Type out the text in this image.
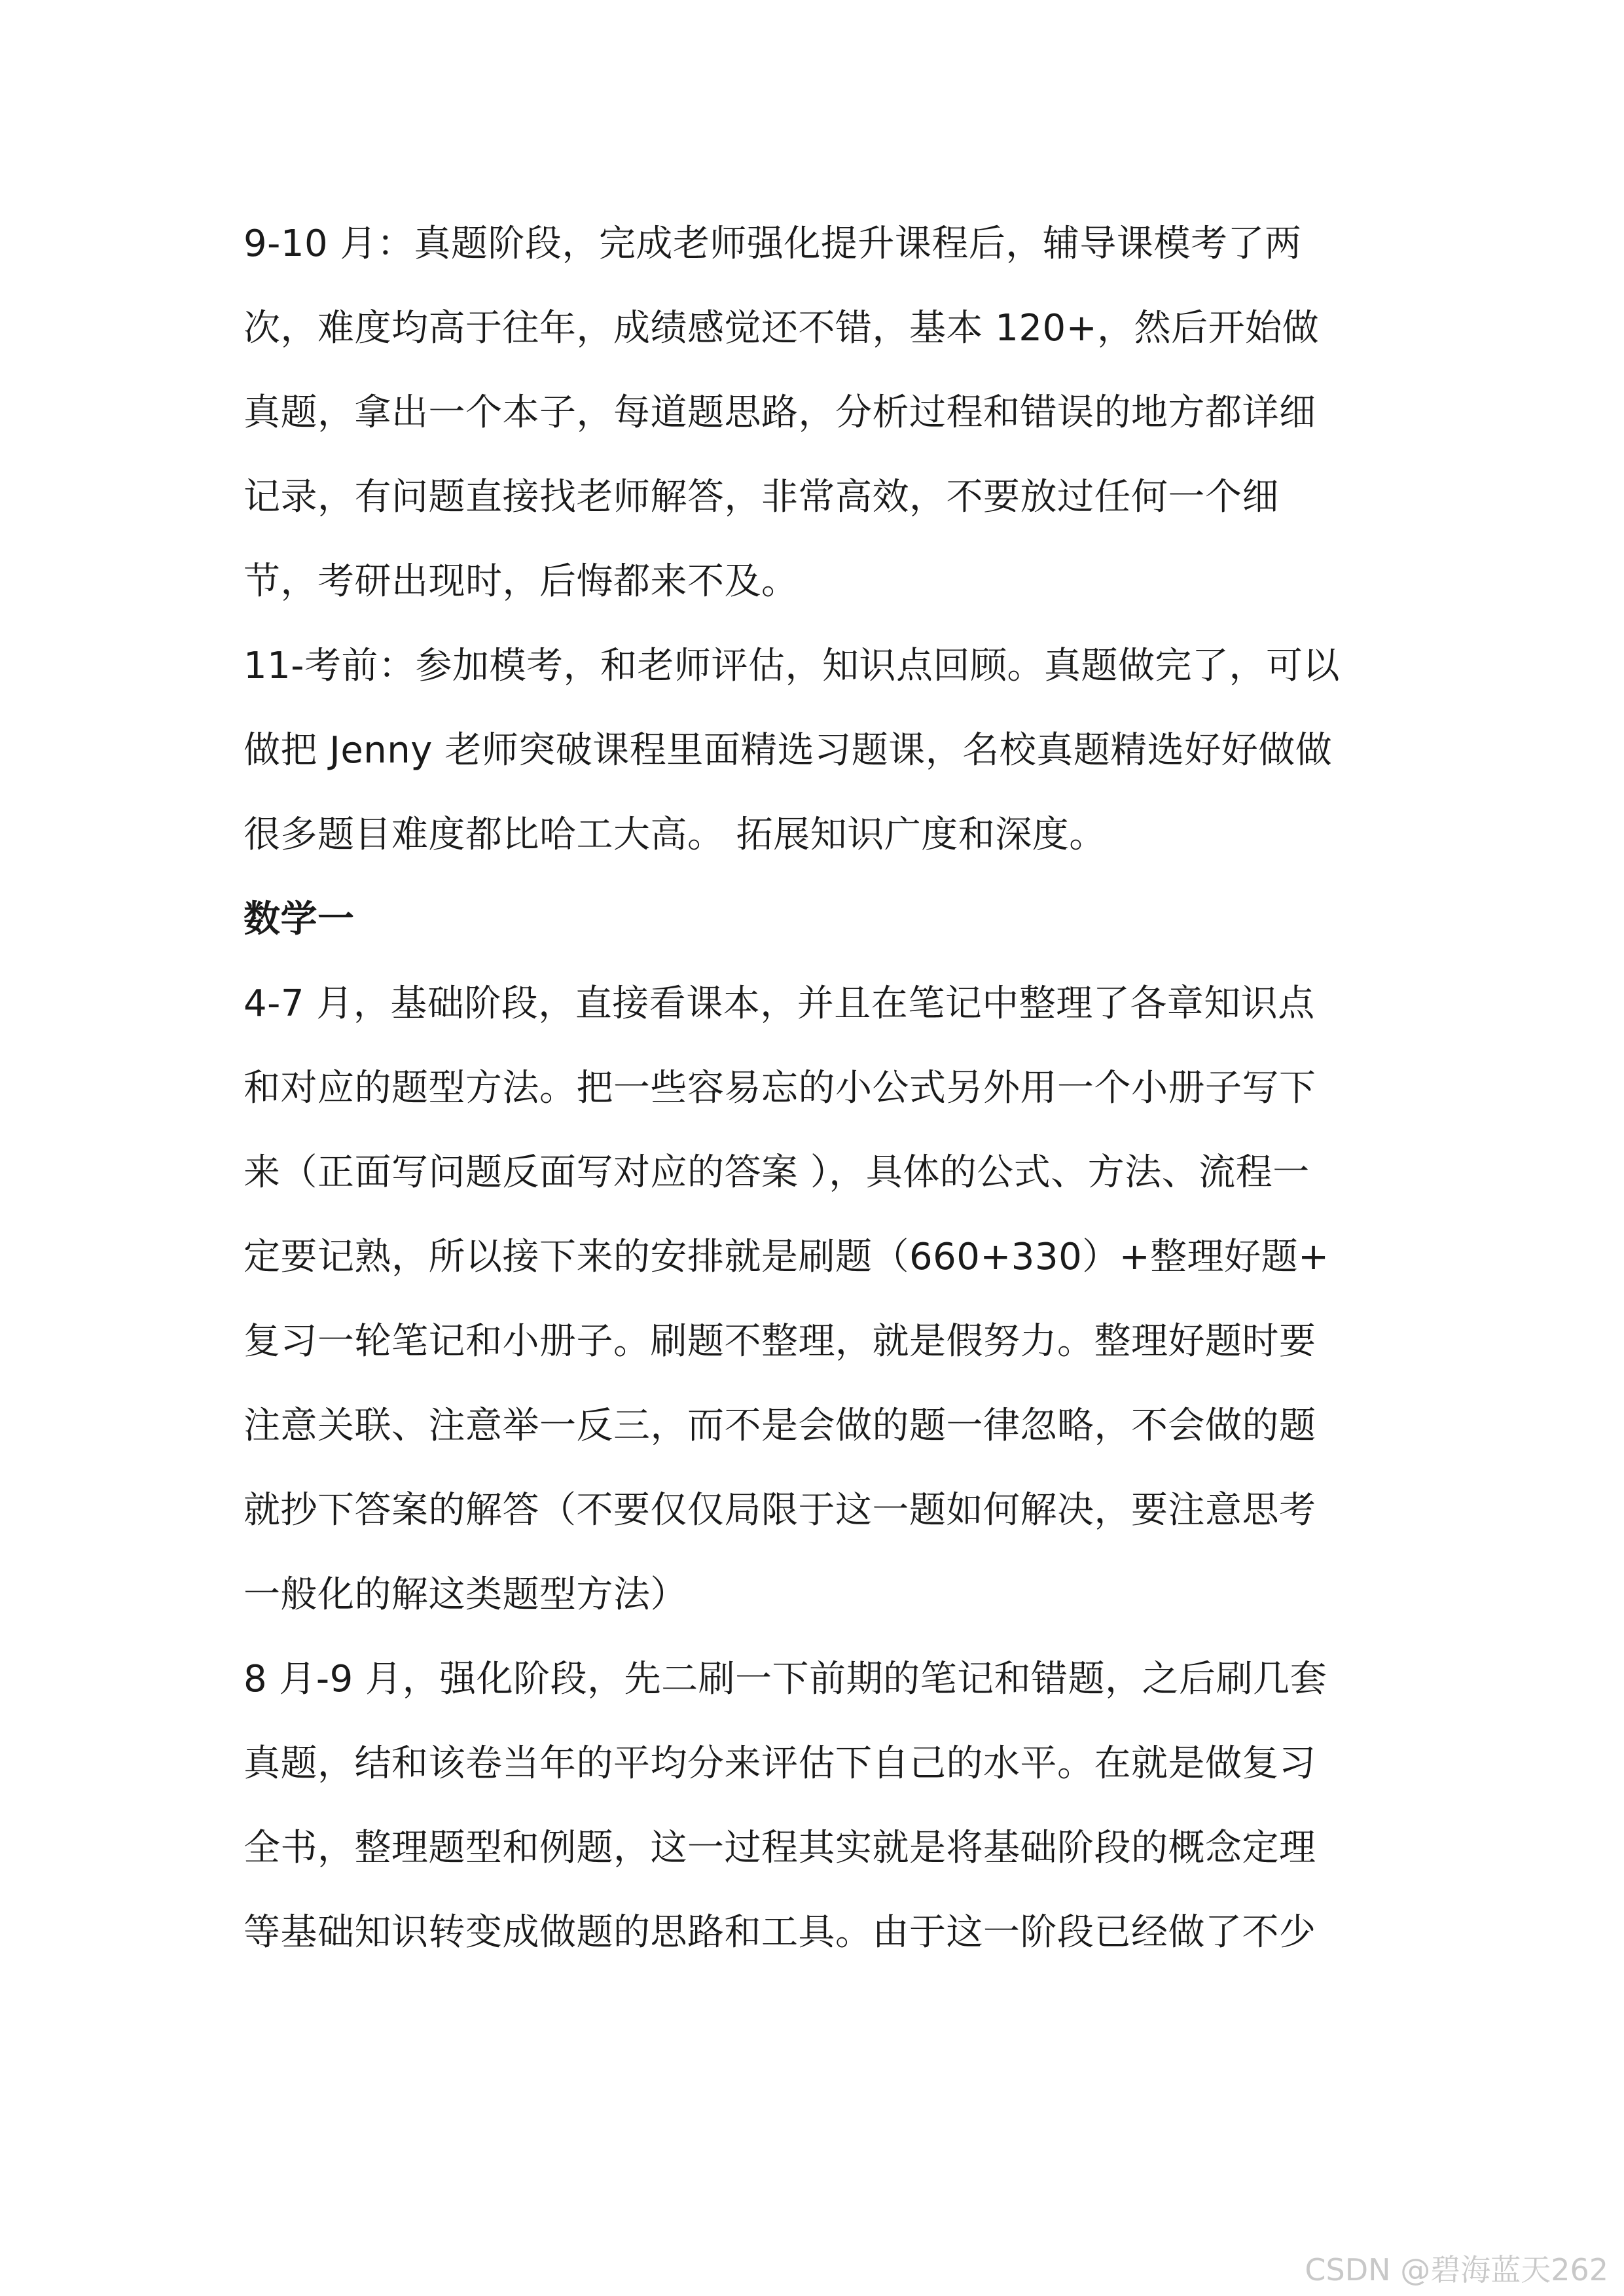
9-10 月：真题阶段，完成老师强化提升课程后，辅导课模考了两
次，难度均高于往年，成绩感觉还不错，基本 120+，然后开始做
真题，拿出一个本子，每道题思路，分析过程和错误的地方都详细
记录，有问题直接找老师解答，非常高效，不要放过任何一个细
节，考研出现时，后悔都来不及。
11-考前：参加模考，和老师评估，知识点回顾。真题做完了，可以
做把 Jenny 老师突破课程里面精选习题课，名校真题精选好好做做
很多题目难度都比哈工大高。 拓展知识广度和深度。
数学一
4-7 月，基础阶段，直接看课本，并且在笔记中整理了各章知识点
和对应的题型方法。把一些容易忘的小公式另外用一个小册子写下
来（正面写问题反面写对应的答案 ），具体的公式、方法、流程一
定要记熟，所以接下来的安排就是刷题（660+330）+整理好题+
复习一轮笔记和小册子。刷题不整理，就是假努力。整理好题时要
注意关联、注意举一反三，而不是会做的题一律忽略，不会做的题
就抄下答案的解答（不要仅仅局限于这一题如何解决，要注意思考
一般化的解这类题型方法）
8 月-9 月，强化阶段，先二刷一下前期的笔记和错题，之后刷几套
真题，结和该卷当年的平均分来评估下自己的水平。在就是做复习
全书，整理题型和例题，这一过程其实就是将基础阶段的概念定理
等基础知识转变成做题的思路和工具。由于这一阶段已经做了不少
CSDN @碧海蓝天262
